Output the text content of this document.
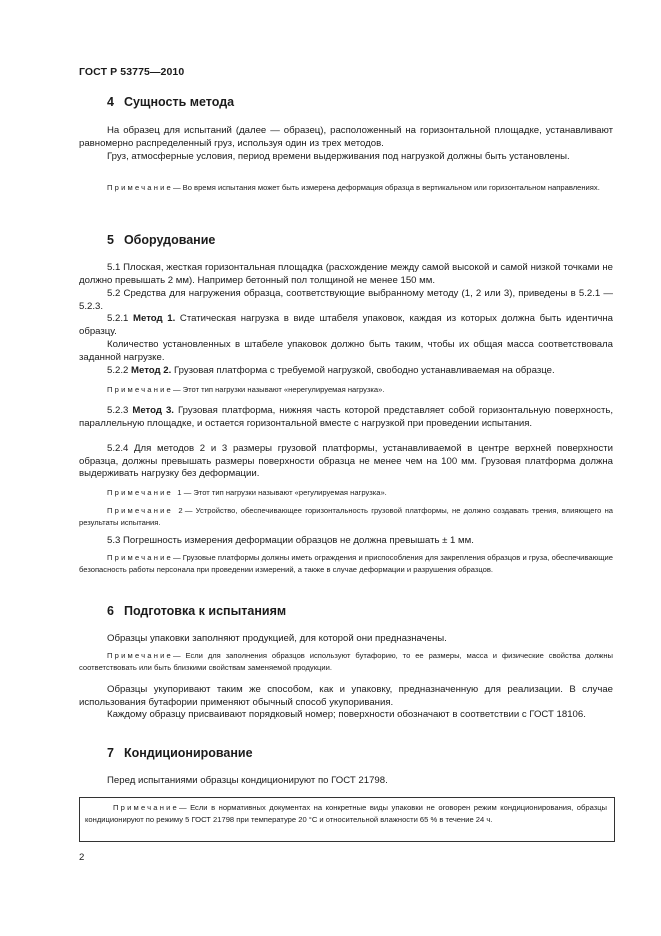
ГОСТ Р 53775—2010
4 Сущность метода

На образец для испытаний (далее — образец), расположенный на горизонтальной площадке, устанавливают равномерно распределенный груз, используя один из трех методов.

Груз, атмосферные условия, период времени выдерживания под нагрузкой должны быть установлены.

Примечание— Во время испытания может быть измерена деформация образца в вертикальном или горизонтальном направлениях.

5 Оборудование

5.1 Плоская, жесткая горизонтальная площадка (расхождение между самой высокой и самой низкой точками не должно превышать 2 мм). Например бетонный пол толщиной не менее 150 мм.

5.2 Средства для нагружения образца, соответствующие выбранному методу (1, 2 или 3), приведены в 5.2.1 — 5.2.3.

5.2.1 Метод 1. Статическая нагрузка в виде штабеля упаковок, каждая из которых должна быть идентична образцу.

Количество установленных в штабеле упаковок должно быть таким, чтобы их общая масса соответствовала заданной нагрузке.

5.2.2 Метод 2. Грузовая платформа с требуемой нагрузкой, свободно устанавливаемая на образце.

Примечание— Этот тип нагрузки называют «нерегулируемая нагрузка».

5.2.3 Метод 3. Грузовая платформа, нижняя часть которой представляет собой горизонтальную поверхность, параллельную площадке, и остается горизонтальной вместе с нагрузкой при проведении испытания.

5.2.4 Для методов 2 и 3 размеры грузовой платформы, устанавливаемой в центре верхней поверхности образца, должны превышать размеры поверхности образца не менее чем на 100 мм. Грузовая платформа должна выдерживать нагрузку без деформации.

Примечание 1— Этот тип нагрузки называют «регулируемая нагрузка».

Примечание 2— Устройство, обеспечивающее горизонтальность грузовой платформы, не должно создавать трения, влияющего на результаты испытания.

5.3 Погрешность измерения деформации образцов не должна превышать ± 1 мм.

Примечание— Грузовые платформы должны иметь ограждения и приспособления для закрепления образцов и груза, обеспечивающие безопасность работы персонала при проведении измерений, а также в случае деформации и разрушения образцов.

6 Подготовка к испытаниям

Образцы упаковки заполняют продукцией, для которой они предназначены.

Примечание— Если для заполнения образцов используют бутафорию, то ее размеры, масса и физические свойства должны соответствовать или быть близкими свойствам заменяемой продукции.

Образцы укупоривают таким же способом, как и упаковку, предназначенную для реализации. В случае использования бутафории применяют обычный способ укупоривания.

Каждому образцу присваивают порядковый номер; поверхности обозначают в соответствии с ГОСТ 18106.

7 Кондиционирование

Перед испытаниями образцы кондиционируют по ГОСТ 21798.

Примечание— Если в нормативных документах на конкретные виды упаковки не оговорен режим кондиционирования, образцы кондиционируют по режиму 5 ГОСТ 21798 при температуре 20 °С и относительной влажности 65 % в течение 24 ч.

2
